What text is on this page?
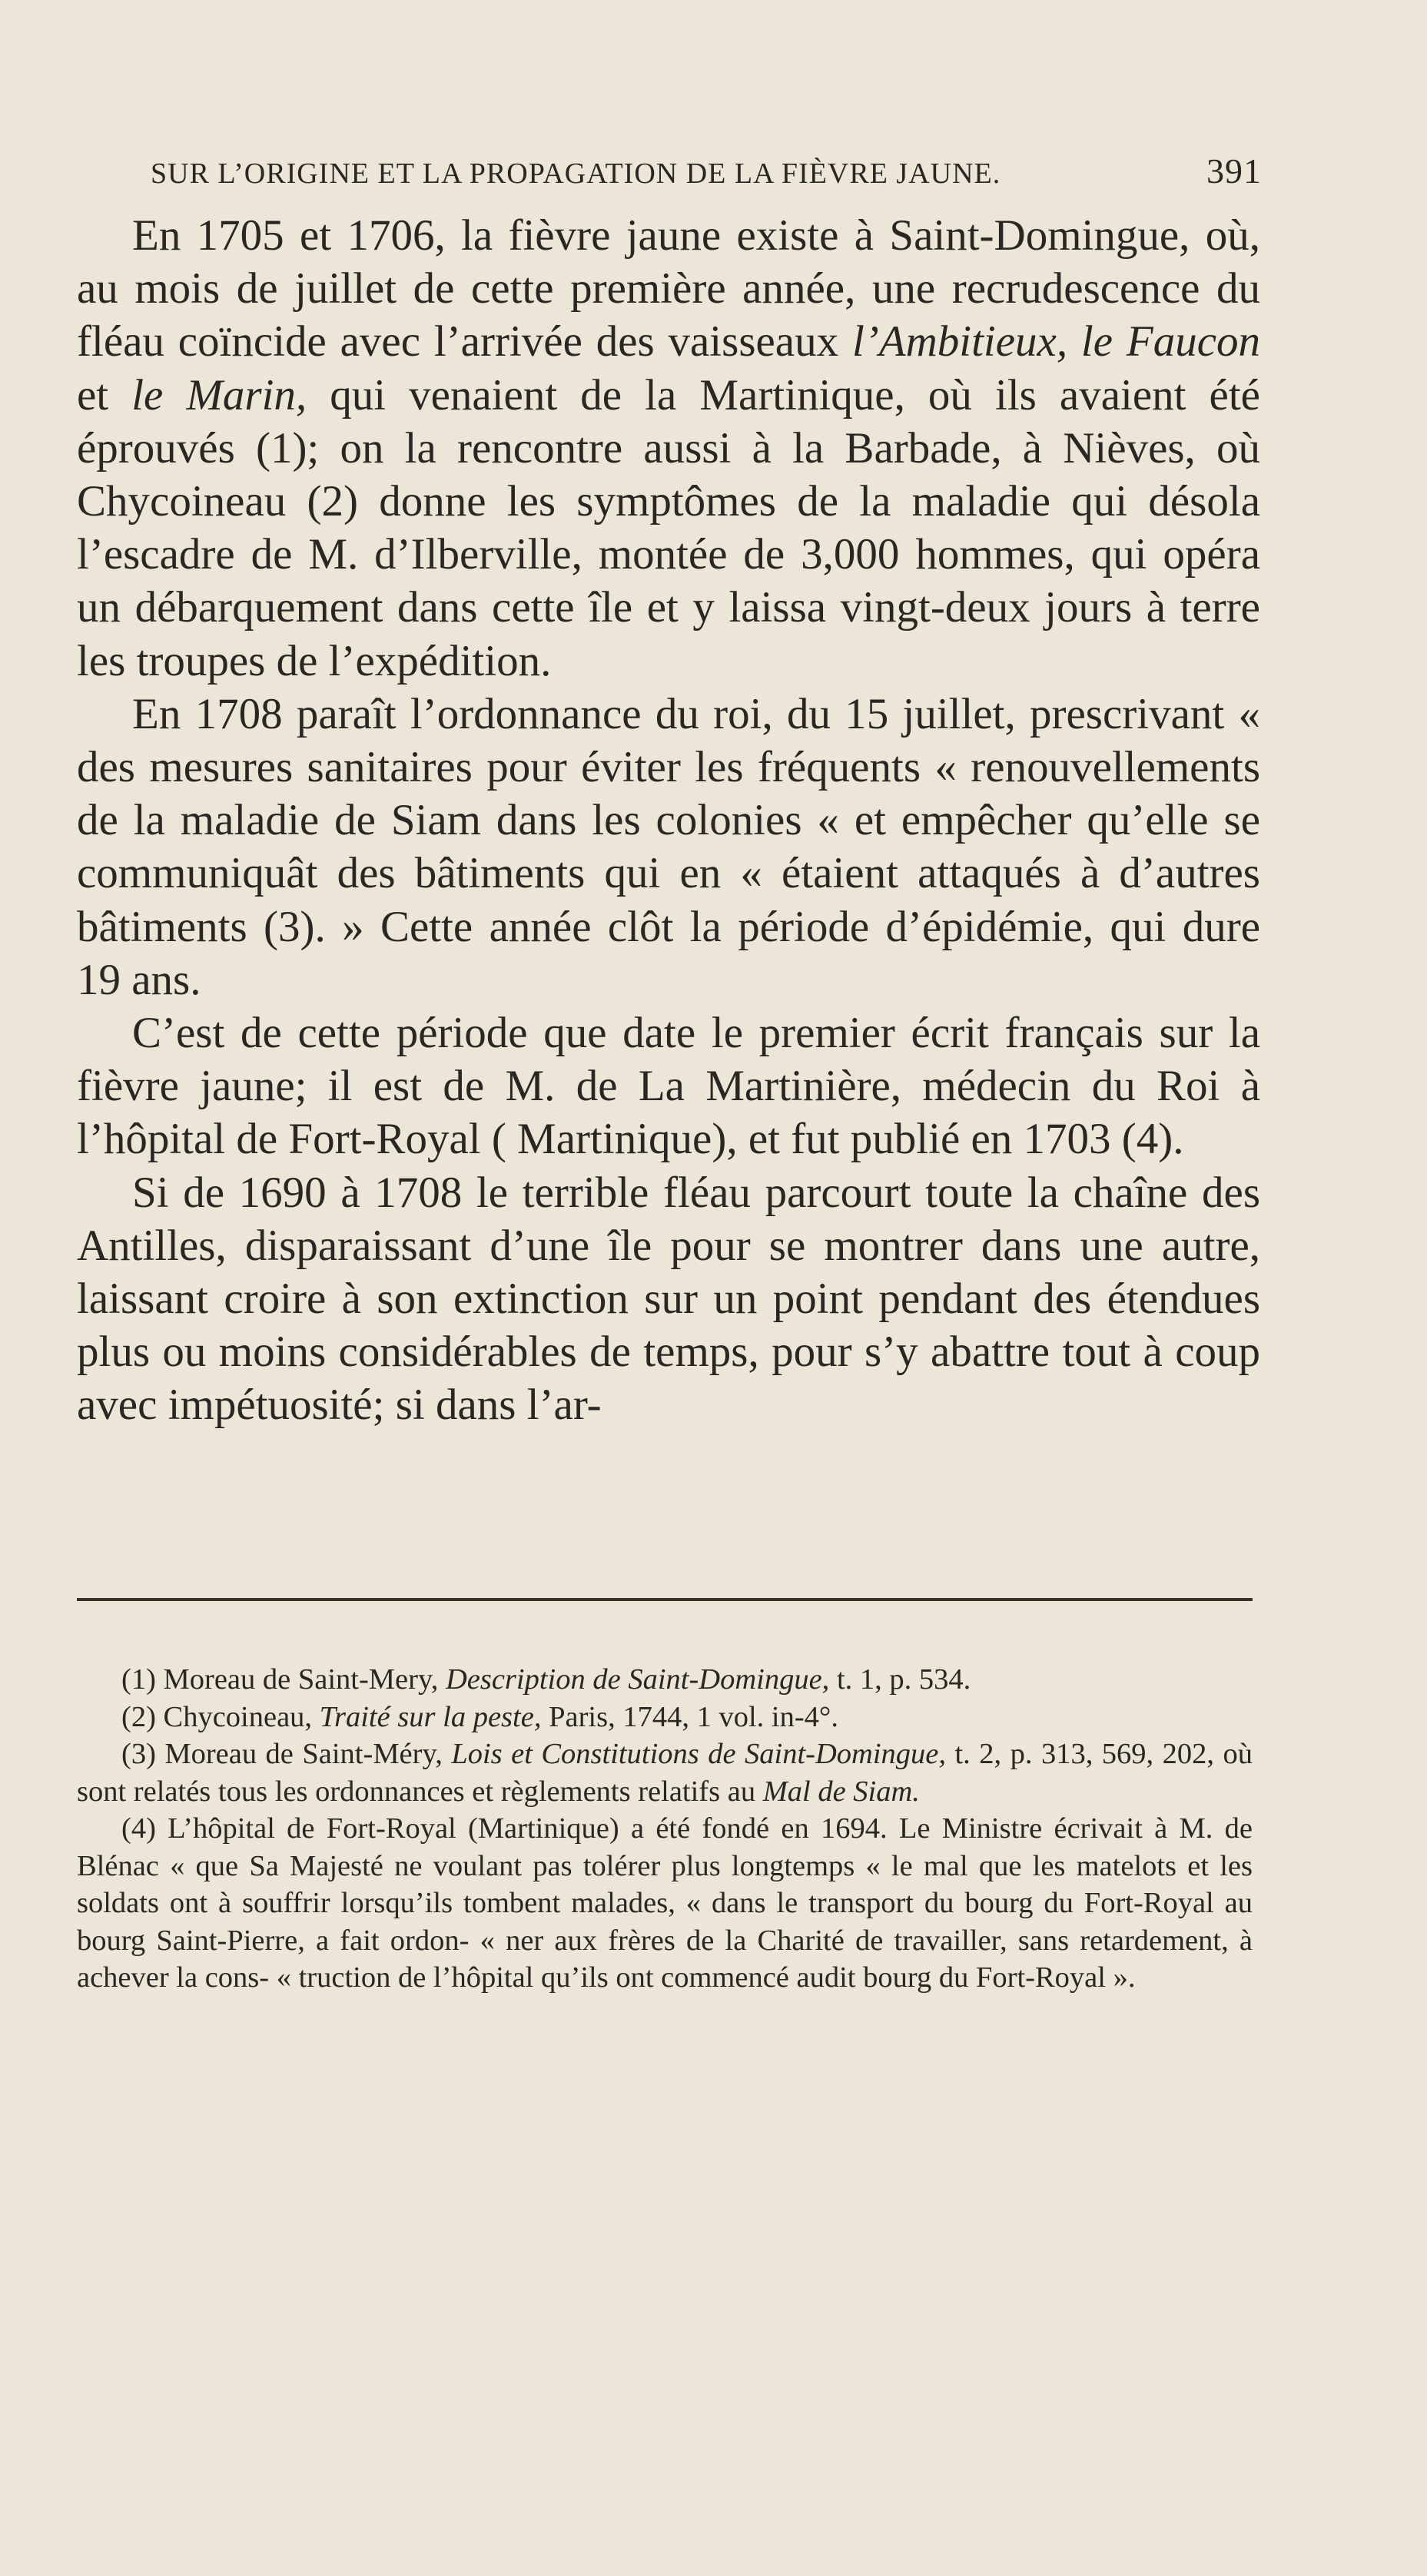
SUR L’ORIGINE ET LA PROPAGATION DE LA FIÈVRE JAUNE.	391

En 1705 et 1706, la fièvre jaune existe à Saint-Domingue, où, au mois de juillet de cette première année, une recrudescence du fléau coïncide avec l’arrivée des vaisseaux l’Ambitieux, le Faucon et le Marin, qui venaient de la Martinique, où ils avaient été éprouvés (1); on la rencontre aussi à la Barbade, à Nièves, où Chycoineau (2) donne les symptômes de la maladie qui désola l’escadre de M. d’Ilberville, montée de 3,000 hommes, qui opéra un débarquement dans cette île et y laissa vingt-deux jours à terre les troupes de l’expédition.

En 1708 paraît l’ordonnance du roi, du 15 juillet, prescrivant « des mesures sanitaires pour éviter les fréquents « renouvellements de la maladie de Siam dans les colonies « et empêcher qu’elle se communiquât des bâtiments qui en « étaient attaqués à d’autres bâtiments (3). » Cette année clôt la période d’épidémie, qui dure 19 ans.

C’est de cette période que date le premier écrit français sur la fièvre jaune; il est de M. de La Martinière, médecin du Roi à l’hôpital de Fort-Royal ( Martinique), et fut publié en 1703 (4).

Si de 1690 à 1708 le terrible fléau parcourt toute la chaîne des Antilles, disparaissant d’une île pour se montrer dans une autre, laissant croire à son extinction sur un point pendant des étendues plus ou moins considérables de temps, pour s’y abattre tout à coup avec impétuosité; si dans l’ar-

(1) Moreau de Saint-Mery, Description de Saint-Domingue, t. 1, p. 534.

(2) Chycoineau, Traité sur la peste, Paris, 1744, 1 vol. in-4°.

(3) Moreau de Saint-Méry, Lois et Constitutions de Saint-Domingue, t. 2, p. 313, 569, 202, où sont relatés tous les ordonnances et règlements relatifs au Mal de Siam.

(4) L’hôpital de Fort-Royal (Martinique) a été fondé en 1694. Le Ministre écrivait à M. de Blénac « que Sa Majesté ne voulant pas tolérer plus longtemps « le mal que les matelots et les soldats ont à souffrir lorsqu’ils tombent malades, « dans le transport du bourg du Fort-Royal au bourg Saint-Pierre, a fait ordon- « ner aux frères de la Charité de travailler, sans retardement, à achever la cons- « truction de l’hôpital qu’ils ont commencé audit bourg du Fort-Royal ».
